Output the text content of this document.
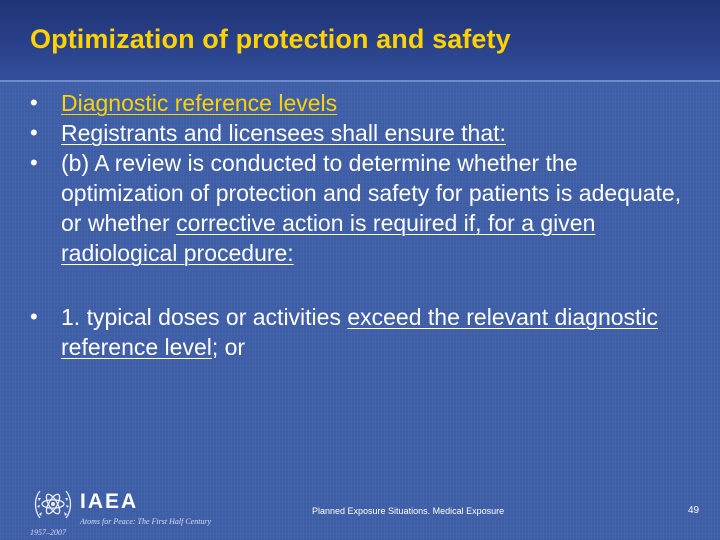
Optimization of protection and safety
•	Diagnostic reference levels
•	Registrants and licensees shall ensure that:
•	(b) A review is conducted to determine whether the optimization of protection and safety for patients is adequate, or whether corrective action is required if, for a given radiological procedure:
•	1. typical doses or activities exceed the relevant diagnostic reference level; or
IAEA
Atoms for Peace: The First Half Century
1957–2007
Planned Exposure Situations. Medical Exposure	49
